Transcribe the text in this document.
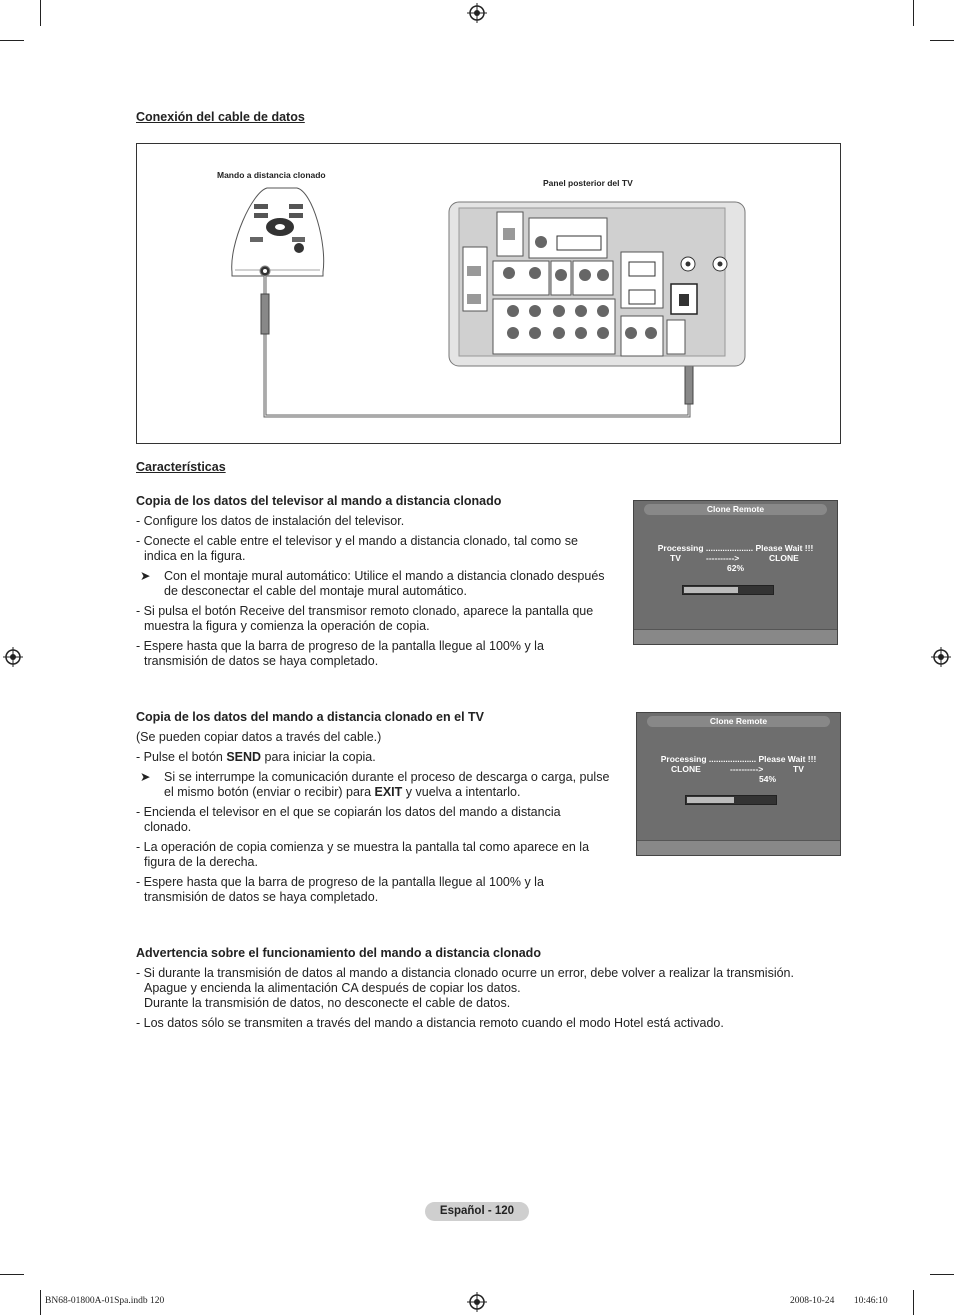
Conexión del cable de datos
Mando a distancia clonado
Panel posterior del TV
Características
Copia de los datos del televisor al mando a distancia clonado
- Configure los datos de instalación del televisor.
- Conecte el cable entre el televisor y el mando a distancia clonado, tal como se
indica en la figura.
➤ Con el montaje mural automático: Utilice el mando a distancia clonado después
de desconectar el cable del montaje mural automático.
- Si pulsa el botón Receive del transmisor remoto clonado, aparece la pantalla que
muestra la figura y comienza la operación de copia.
- Espere hasta que la barra de progreso de la pantalla llegue al 100% y la
transmisión de datos se haya completado.
Clone Remote
Processing .................... Please Wait !!!
TV	---------->	CLONE
62%
Copia de los datos del mando a distancia clonado en el TV
(Se pueden copiar datos a través del cable.)
- Pulse el botón SEND para iniciar la copia.
➤ Si se interrumpe la comunicación durante el proceso de descarga o carga, pulse
el mismo botón (enviar o recibir) para EXIT y vuelva a intentarlo.
- Encienda el televisor en el que se copiarán los datos del mando a distancia
clonado.
- La operación de copia comienza y se muestra la pantalla tal como aparece en la
figura de la derecha.
- Espere hasta que la barra de progreso de la pantalla llegue al 100% y la
transmisión de datos se haya completado.
Clone Remote
Processing .................... Please Wait !!!
CLONE	---------->	TV
54%
Advertencia sobre el funcionamiento del mando a distancia clonado
- Si durante la transmisión de datos al mando a distancia clonado ocurre un error, debe volver a realizar la transmisión.
Apague y encienda la alimentación CA después de copiar los datos.
Durante la transmisión de datos, no desconecte el cable de datos.
- Los datos sólo se transmiten a través del mando a distancia remoto cuando el modo Hotel está activado.
Español - 120
BN68-01800A-01Spa.indb 120	2008-10-24 ￿￿ 10:46:10
